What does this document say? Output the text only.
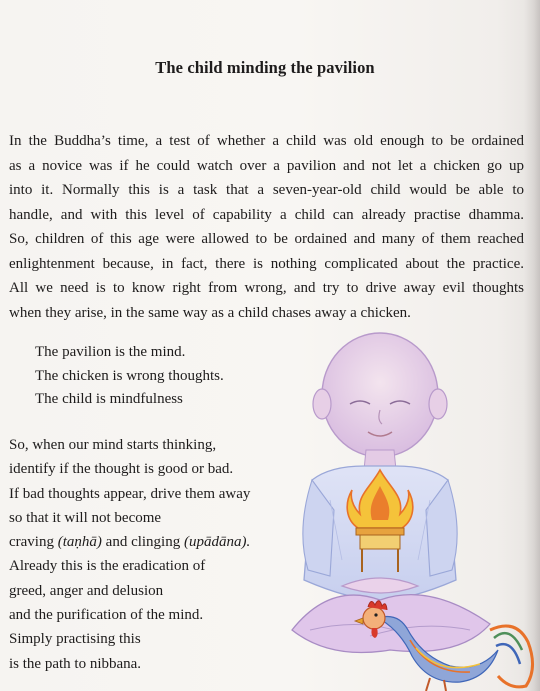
The child minding the pavilion

In the Buddha’s time, a test of whether a child was old enough to be ordained
as a novice was if he could watch over a pavilion and not let a chicken go up
into it. Normally this is a task that a seven-year-old child would be able to
handle, and with this level of capability a child can already practise dhamma.
So, children of this age were allowed to be ordained and many of them reached
enlightenment because, in fact, there is nothing complicated about the practice.
All we need is to know right from wrong, and try to drive away evil thoughts
when they arise, in the same way as a child chases away a chicken.

The pavilion is the mind.
The chicken is wrong thoughts.
The child is mindfulness
So, when our mind starts thinking,
identify if the thought is good or bad.
If bad thoughts appear, drive them away
so that it will not become
craving (taṇhā) and clinging (upādāna).
Already this is the eradication of
greed, anger and delusion
and the purification of the mind.
Simply practising this
is the path to nibbana.
